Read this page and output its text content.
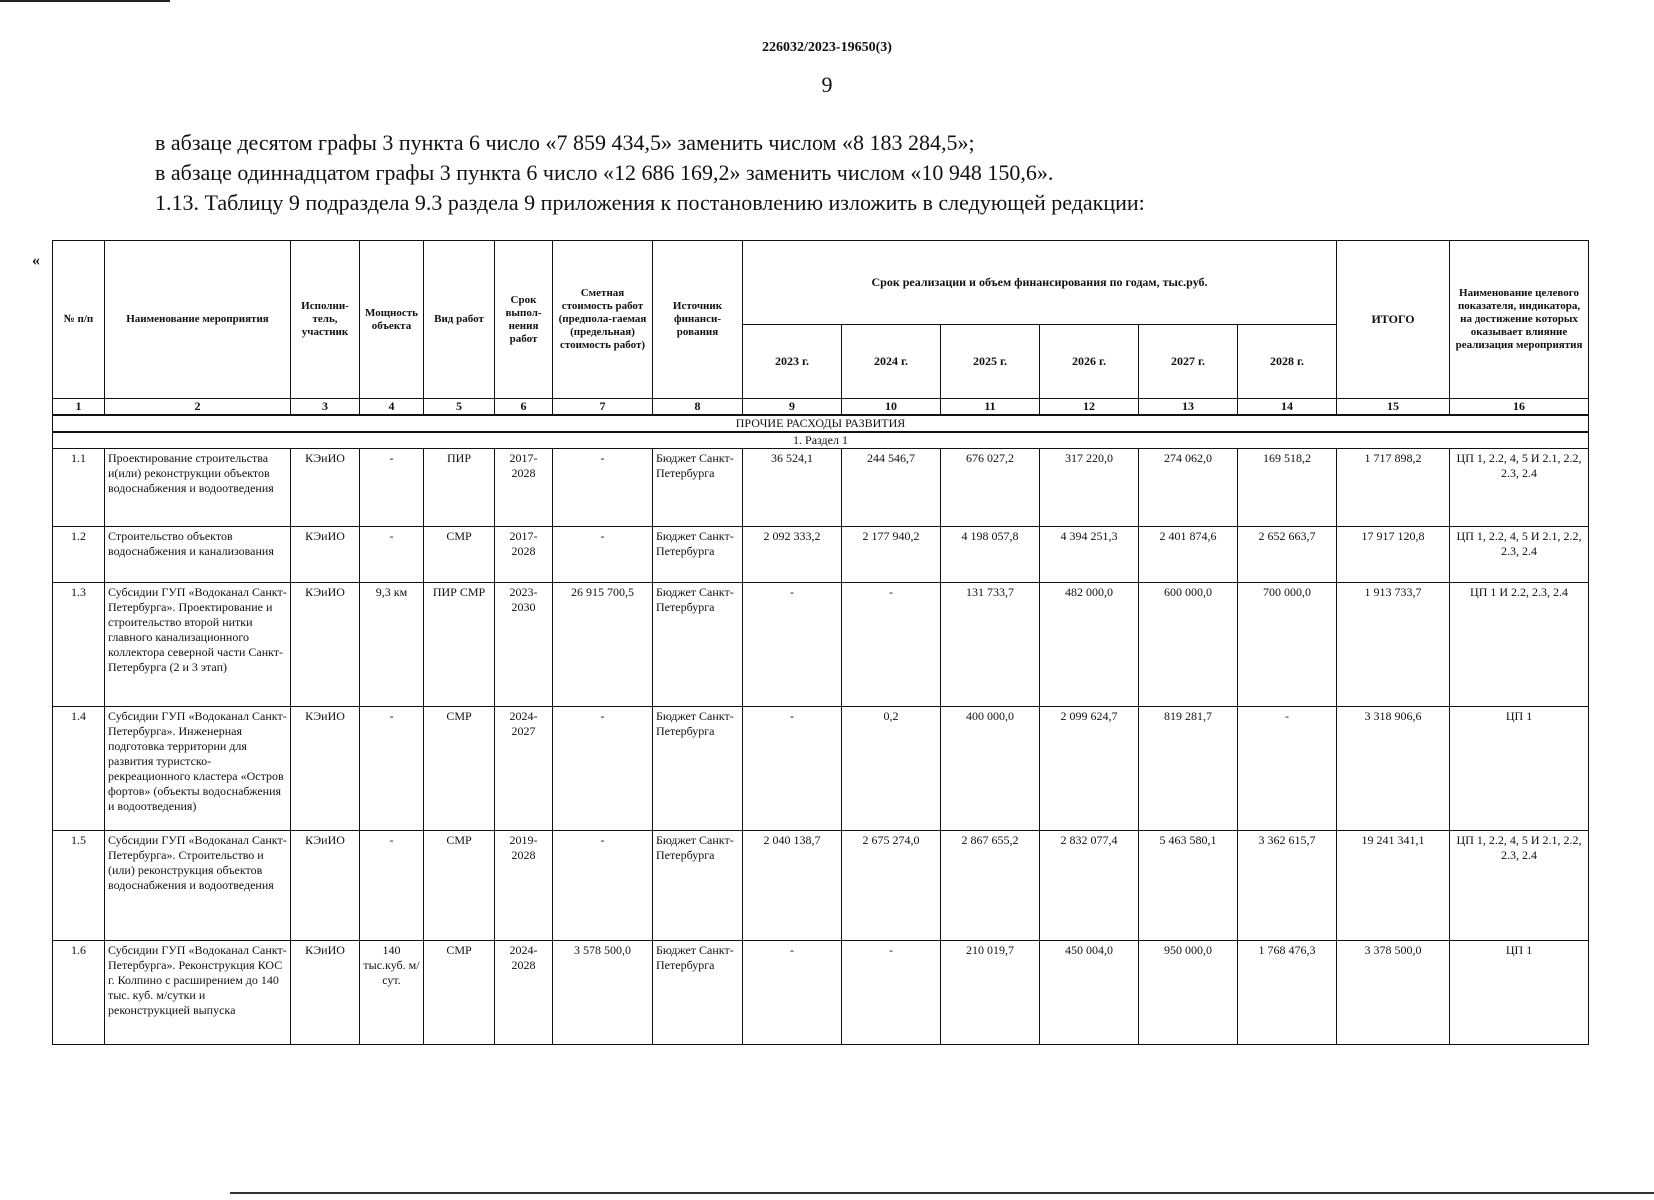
226032/2023-19650(3)
9

в абзаце десятом графы 3 пункта 6 число «7 859 434,5» заменить числом «8 183 284,5»;

в абзаце одиннадцатом графы 3 пункта 6 число «12 686 169,2» заменить числом «10 948 150,6».

1.13. Таблицу 9 подраздела 9.3 раздела 9 приложения к постановлению изложить в следующей редакции:

«
№ п/п	Наименование мероприятия	Исполни-тель, участник	Мощность объекта	Вид работ	Срок выпол-нения работ	Сметная стоимость работ (предпола-гаемая (предельная) стоимость работ)	Источник финанси-рования	Срок реализации и объем финансирования по годам, тыс.руб.						ИТОГО	Наименование целевого показателя, индикатора, на достижение которых оказывает влияние реализация мероприятия
								2023 г.	2024 г.	2025 г.	2026 г.	2027 г.	2028 г.		
1	2	3	4	5	6	7	8	9	10	11	12	13	14	15	16
ПРОЧИЕ РАСХОДЫ РАЗВИТИЯ															
1. Раздел 1															
1.1	Проектирование строительства и(или) реконструкции объектов водоснабжения и водоотведения	КЭиИО	-	ПИР	2017-2028	-	Бюджет Санкт-Петербурга	36 524,1	244 546,7	676 027,2	317 220,0	274 062,0	169 518,2	1 717 898,2	ЦП 1, 2.2, 4, 5 И 2.1, 2.2, 2.3, 2.4
1.2	Строительство объектов водоснабжения и канализования	КЭиИО	-	СМР	2017-2028	-	Бюджет Санкт-Петербурга	2 092 333,2	2 177 940,2	4 198 057,8	4 394 251,3	2 401 874,6	2 652 663,7	17 917 120,8	ЦП 1, 2.2, 4, 5 И 2.1, 2.2, 2.3, 2.4
1.3	Субсидии ГУП «Водоканал Санкт-Петербурга». Проектирование и строительство второй нитки главного канализационного коллектора северной части Санкт-Петербурга (2 и 3 этап)	КЭиИО	9,3 км	ПИР СМР	2023-2030	26 915 700,5	Бюджет Санкт-Петербурга	-	-	131 733,7	482 000,0	600 000,0	700 000,0	1 913 733,7	ЦП 1 И 2.2, 2.3, 2.4
1.4	Субсидии ГУП «Водоканал Санкт-Петербурга». Инженерная подготовка территории для развития туристско-рекреационного кластера «Остров фортов» (объекты водоснабжения и водоотведения)	КЭиИО	-	СМР	2024-2027	-	Бюджет Санкт-Петербурга	-	0,2	400 000,0	2 099 624,7	819 281,7	-	3 318 906,6	ЦП 1
1.5	Субсидии ГУП «Водоканал Санкт-Петербурга». Строительство и (или) реконструкция объектов водоснабжения и водоотведения	КЭиИО	-	СМР	2019-2028	-	Бюджет Санкт-Петербурга	2 040 138,7	2 675 274,0	2 867 655,2	2 832 077,4	5 463 580,1	3 362 615,7	19 241 341,1	ЦП 1, 2.2, 4, 5 И 2.1, 2.2, 2.3, 2.4
1.6	Субсидии ГУП «Водоканал Санкт-Петербурга». Реконструкция КОС г. Колпино с расширением до 140 тыс. куб. м/сутки и реконструкцией выпуска	КЭиИО	140 тыс.куб. м/сут.	СМР	2024-2028	3 578 500,0	Бюджет Санкт-Петербурга	-	-	210 019,7	450 004,0	950 000,0	1 768 476,3	3 378 500,0	ЦП 1
